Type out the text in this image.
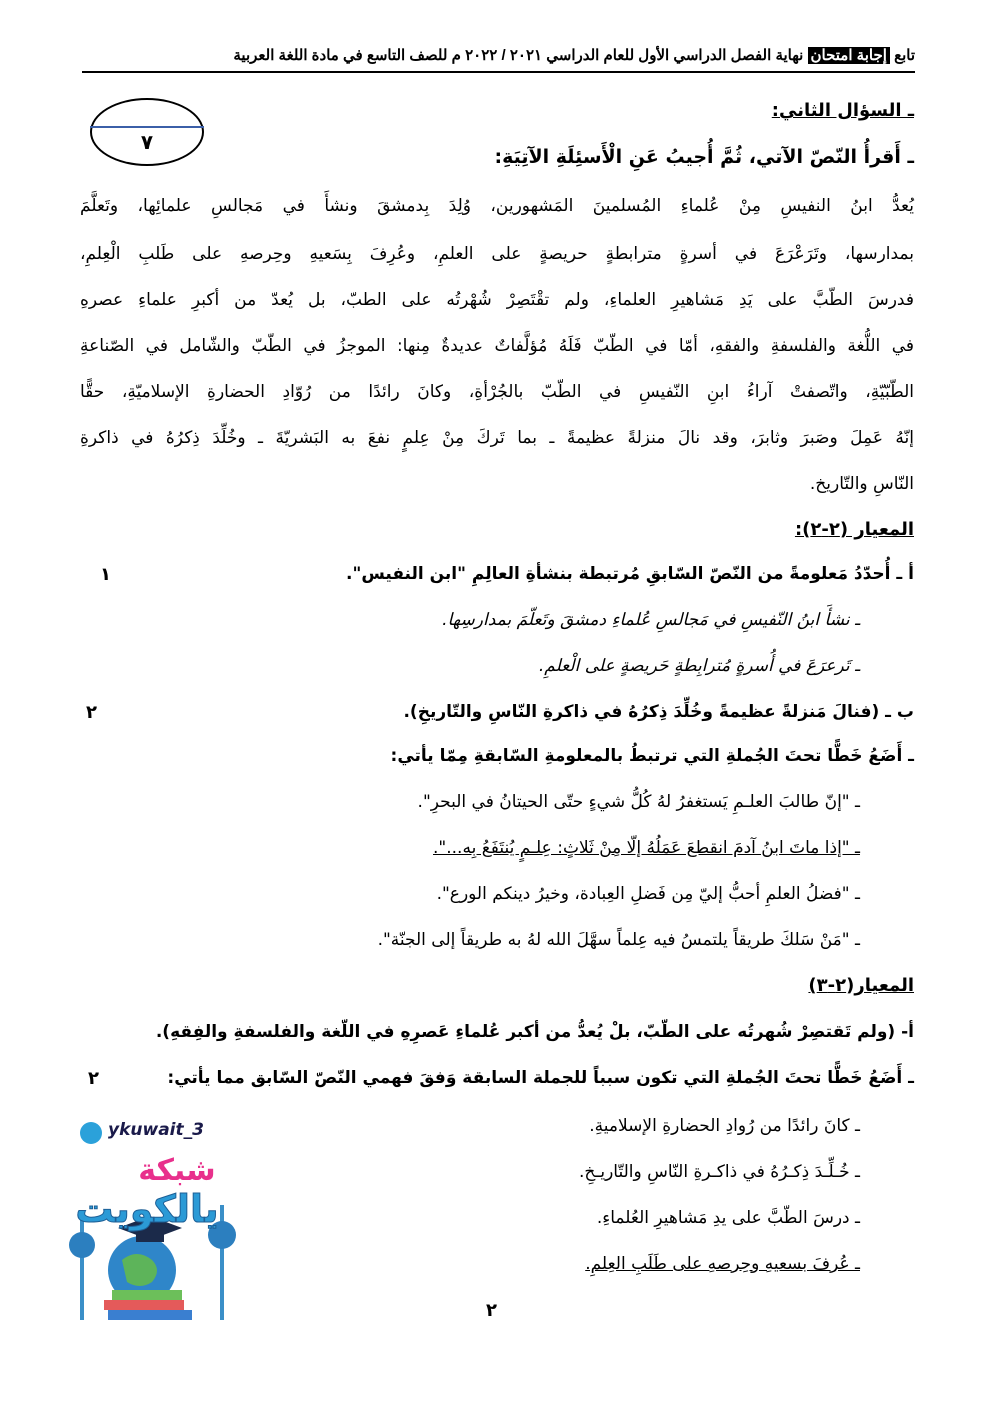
تابع إجابة امتحان نهاية الفصل الدراسي الأول للعام الدراسي ٢٠٢١ / ٢٠٢٢ م للصف التاسع في مادة اللغة العربية
٧
ـ السؤال الثاني:
ـ أَقرأُ النّصّ الآتي، ثُمَّ أُجيبُ عَنِ الْأَسئِلَةِ الآتِيَةِ:
يُعدُّ ابنُ النفيسِ مِنْ عُلماءِ المُسلمينَ المَشهورين، وُلِدَ بِدمشقَ ونشأَ في مَجالسِ علمائِها، وتَعلَّمَ
بمدارسها، وتَرَعْرَعَ في أسرةٍ مترابطةٍ حريصةٍ على العلمِ، وعُرِفَ بِسَعيهِ وحِرصهِ على طَلبِ الْعِلمِ،
فدرسَ الطّبَّ على يَدِ مَشاهيرِ العلماءِ، ولم تقْتَصِرْ شُهْرتُه على الطبّ، بل يُعدّ من أكبرِ علماءِ عصرهِ
في اللُّغة والفلسفةِ والفقهِ، أمّا في الطّبّ فَلَهُ مُؤلَّفاتٌ عديدةٌ مِنها: الموجزُ في الطّبّ والشّامل في الصّناعةِ
الطّبّيّةِ، واتّصفتْ آراءُ ابنِ النّفيسِ في الطّبّ بالجُرْأةِ، وكانَ رائدًا من رُوّادِ الحضارةِ الإسلاميّةِ، حقًّا
إنّهُ عَمِلَ وصَبرَ وثابرَ، وقد نالَ منزلةً عظيمةً ـ بما تَركَ مِنْ عِلمٍ نفعَ به البَشريّةَ ـ وخُلِّدَ ذِكرُهُ في ذاكرةِ
النّاسِ والتّاريخ.
المعيار (٢-٢):
أ ـ أُحدّدُ مَعلومةً من النّصّ السّابقِ مُرتبطة بنشأةِ العالِمِ "ابن النفيس".
١
ـ نشأَ ابنُ النّفيسِ في مَجالسِ عُلماءِ دمشقَ وتَعلّمَ بمدارسِها.
ـ تَرعرَعَ في أُسرةٍ مُترابِطةٍ حَريصةٍ على الْعلمِ.
ب ـ (فنالَ مَنزلةً عظيمةً وخُلِّدَ ذِكرُهُ في ذاكرةِ النّاسِ والتّاريخِ).
٢
ـ أَضَعُ خَطًّا تحتَ الجُملةِ التي ترتبطُ بالمعلومةِ السّابقةِ مِمّا يأتي:
ـ "إنّ طالبَ العلـمِ يَستغفرُ لهُ كُلُّ شيءٍ حتّى الحيتانُ في البحرِ".
ـ "إذا ماتَ ابنُ آدمَ انقطعَ عَمَلُهُ إلّا مِنْ ثَلاثٍ: عِلـمٍ يُنتَفَعُ بِه...".
ـ "فضلُ العلمِ أحبُّ إليّ مِن فَضلِ العِبادة، وخيرُ دينكم الورع".
ـ "مَنْ سَلكَ طريقاً يلتمسُ فيه عِلماً سهَّلَ الله لهُ به طريقاً إلى الجنّة".
المعيار(٢-٣)
أ- (ولم تَقتصِرْ شُهرتُه على الطّبّ، بلْ يُعدُّ من أكبر عُلماءِ عَصرِهِ في اللّغة والفلسفةِ والفِقهِ).
ـ أَضَعُ خَطًّا تحتَ الجُملةِ التي تكون سبباً للجملة السابقة وَفقَ فهمي النّصّ السّابق مما يأتي:
٢
ـ كانَ رائدًا من رُوادِ الحضارةِ الإسلاميةِ.
ـ خُـلِّـدَ ذِكـرُهُ في ذاكـرةِ النّاسِ والتّاريـخِ.
ـ درسَ الطّبَّ على يدِ مَشاهيرِ العُلماءِ.
ـ عُرفَ بسعيهِ وحِرصهِ على طَلَبِ العِلمِ.
ykuwait_3
شبكة
يالكويت
٢
